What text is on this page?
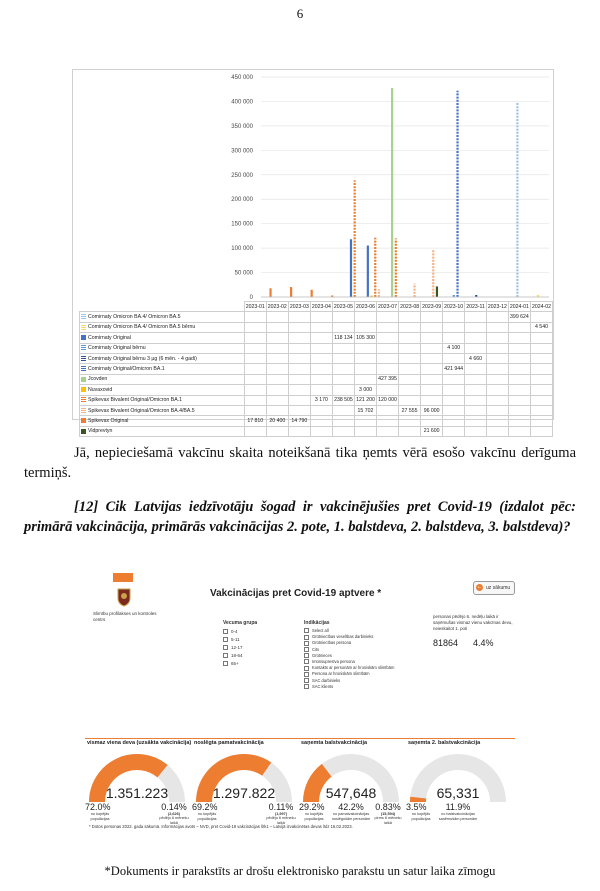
6
450 000
400 000
350 000
300 000
250 000
200 000
150 000
100 000
50 000
0
	2023-01	2023-02	2023-03	2023-04	2023-05	2023-06	2023-07	2023-08	2023-09	2023-10	2023-11	2023-12	2024-01	2024-02
Comirnaty Omicron BA.4/ Omicron BA.5													399 624	
Comirnaty Omicron BA.4/ Omicron BA.5 bērnu														4 540
Comirnaty Original					118 134	105 300								
Comirnaty Original bērnu										4 100				
Comirnaty Original bērnu 3 µg (6 mēn. - 4 gadi)											4 660			
Comirnaty Original/Omicron BA.1										421 944				
Jcovden							427 395							
Nuvaxovid						3 000								
Spikevax Bivalent Original/Omicron BA.1				3 170	238 505	121 200	120 000							
Spikevax Bivalent Original/Omicron BA.4/BA.5						15 702		27 555	96 000					
Spikevax Original	17 810	20 400	14 790											
Vidprevtyn									21 600					
Jā, nepieciešamā vakcīnu skaita noteikšanā tika ņemts vērā esošo vakcīnu derīguma termiņš.
[12] Cik Latvijas iedzīvotāju šogad ir vakcinējušies pret Covid-19 (izdalot pēc: primārā vakcinācija, primārās vakcinācijas 2. pote, 1. balstdeva, 2. balstdeva, 3. balstdeva)?
Slimību profilakses un kontroles centrs
Vakcinācijas pret Covid-19 aptvere *
← uz sākumu
Vecuma grupa
0-4
5-11
12-17
18-64
65+
Indikācijas
Select all
Grūtniecības veselības darbinieks
Grūtniecības persona
Cits
Grūtnieces
Imūnsupresīva persona
Kontakts ar personām ar hroniskām slimībām
Persona ar hroniskām slimībām
SAC darbinieks
SAC klients
personas pēdējo 6. nedēļu laikā ir saņēmušas vismaz vienu vakcīnas devu, neieskaitot 1. poti
81864 4.4%
vismaz viena deva (uzsākta vakcinācija)
1.351.223
72.0%
no kopējās populācijas
0.14%
(2,626)
pēdējo 6 mēnešu laikā
noslēgta pamatvakcinācija
1.297.822
69.2%
no kopējās populācijas
0.11%
(1,997)
pēdējo 6 mēnešu laikā
saņemta balstvakcinācija
547,648
29.2%
no kopējās populācijas
42.2%
no pamatvakcinācijas noslēgušām personām
0.83%
(15,594)
pirms 6 mēnešu laikā
saņemta 2. balstvakcinācija
65,331
3.5%
no kopējās populācijas
11.9%
no balstvakcinācijas saņēmušām personām
* Dotos personas 2022. gada sākumā. Informācijas avots – NVD, pret Covid-19 vakcinācijas šīk1 – Latvijā izvakcinētas devas līdz 16.02.2023.
*Dokuments ir parakstīts ar drošu elektronisko parakstu un satur laika zīmogu
